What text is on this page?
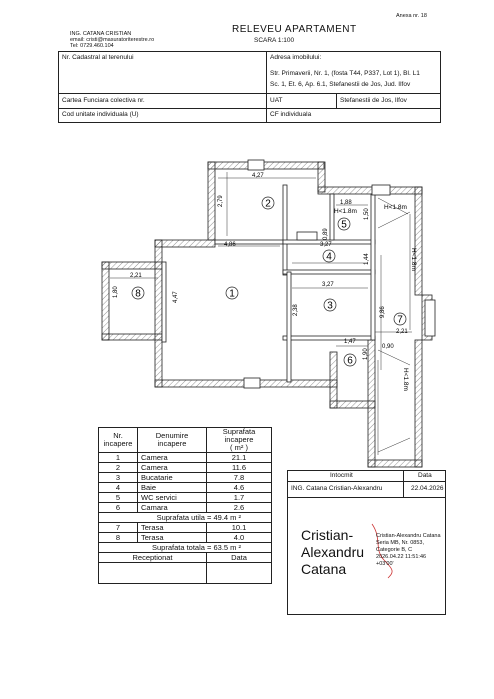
Anexa nr. 18
ING. CATANA CRISTIAN
email: cristi@masuratoriterestre.ro
Tel: 0729.460.104
RELEVEU APARTAMENT
SCARA 1:100
Nr. Cadastral al terenului	Adresa imobilului:
Str. Primaverii, Nr. 1, (fosta T44, P337, Lot 1), Bl. L1
Sc. 1, Et. 6, Ap. 6.1, Stefanestii de Jos, Jud. Ilfov
Cartea Funciara colectiva nr.	UAT	Stefanestii de Jos, Ilfov
Cod unitate individuala (U)	CF individuala
2
1
3
4
5
6
7
8
4,27
2,79
4,86
1,88
3,27
0,89
1,50
1,44
3,27
2,38
1,47
0,90
1,90
9,86
2,21
2,21
1,80	4,47
H<1.8m
H<1.8m
H<1.8m
H<1.8m
Nr. incapere	Denumire incapere	Suprafata incapere
( m² )
1	Camera	21.1
2	Camera	11.6
3	Bucatarie	7.8
4	Baie	4.6
5	WC servici	1.7
6	Camara	2.6
Suprafata utila = 49.4 m ²		
7	Terasa	10.1
8	Terasa	4.0
Suprafata totala = 63.5 m ²		
Receptionat		Data

Intocmit	Data
ING. Catana Cristian-Alexandru	22.04.2026
Cristian-
Alexandru
Catana
Cristian-Alexandru Catana
Seria MB, Nr. 0853,
Categorie B, C
2026.04.22 11:51:46
+03'00'
